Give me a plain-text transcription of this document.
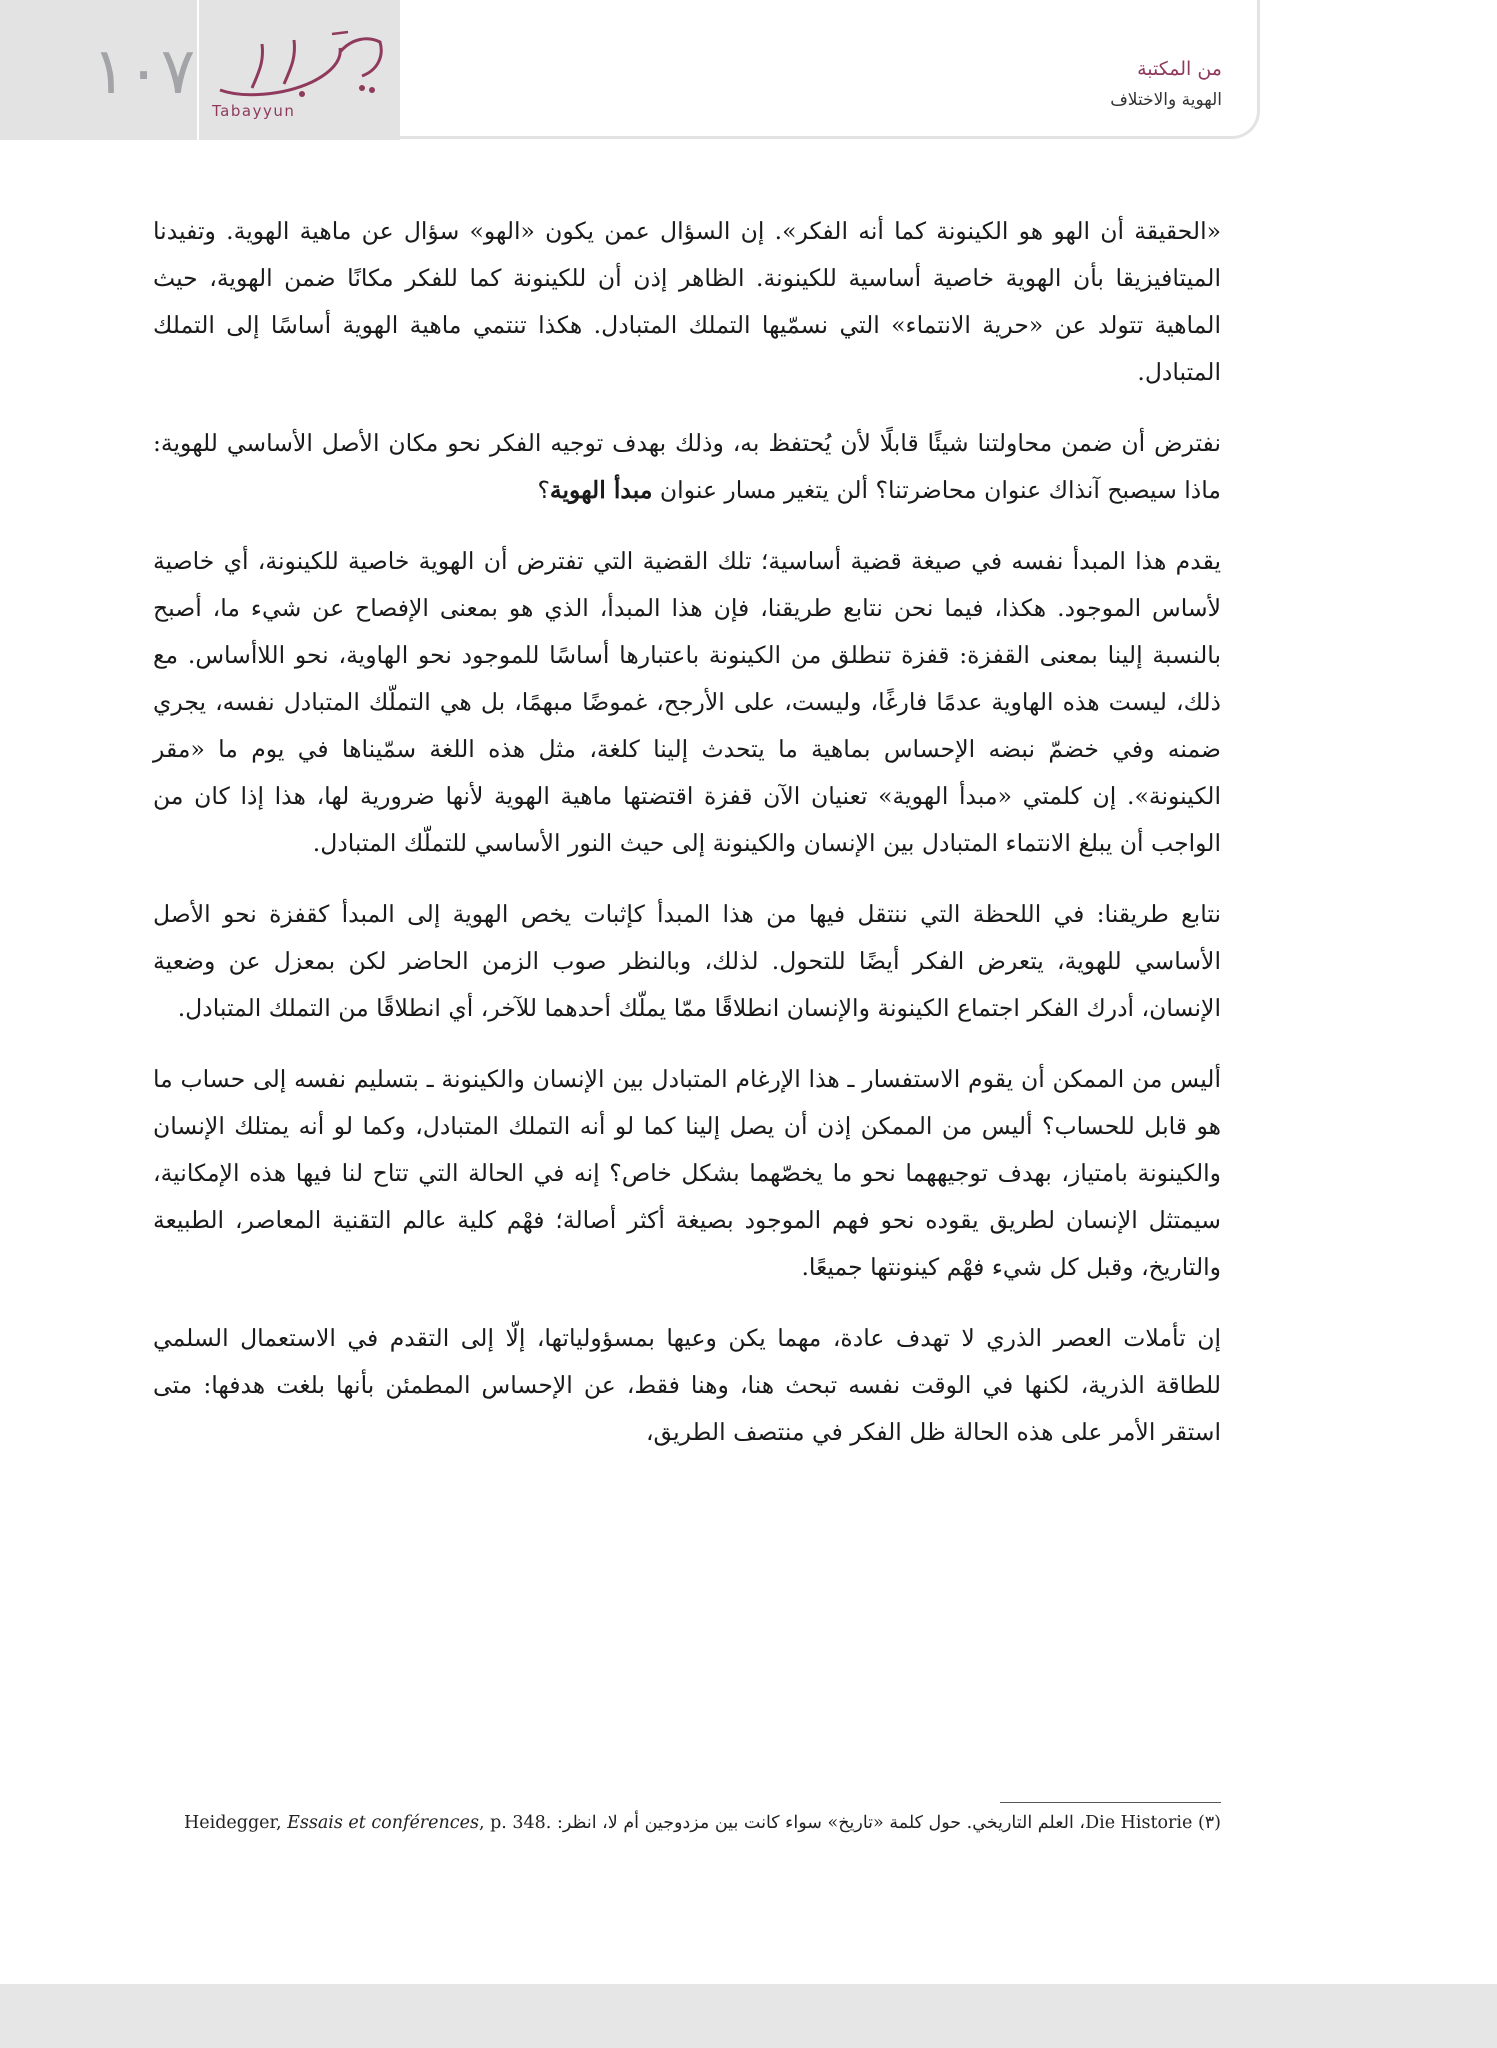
١٠٧
Tabayyun
من المكتبة
الهوية والاختلاف

«الحقيقة أن الهو هو الكينونة كما أنه الفكر». إن السؤال عمن يكون «الهو» سؤال عن ماهية الهوية. وتفيدنا الميتافيزيقا بأن الهوية خاصية أساسية للكينونة. الظاهر إذن أن للكينونة كما للفكر مكانًا ضمن الهوية، حيث الماهية تتولد عن «حرية الانتماء» التي نسمّيها التملك المتبادل. هكذا تنتمي ماهية الهوية أساسًا إلى التملك المتبادل.

نفترض أن ضمن محاولتنا شيئًا قابلًا لأن يُحتفظ به، وذلك بهدف توجيه الفكر نحو مكان الأصل الأساسي للهوية: ماذا سيصبح آنذاك عنوان محاضرتنا؟ ألن يتغير مسار عنوان مبدأ الهوية؟

يقدم هذا المبدأ نفسه في صيغة قضية أساسية؛ تلك القضية التي تفترض أن الهوية خاصية للكينونة، أي خاصية لأساس الموجود. هكذا، فيما نحن نتابع طريقنا، فإن هذا المبدأ، الذي هو بمعنى الإفصاح عن شيء ما، أصبح بالنسبة إلينا بمعنى القفزة: قفزة تنطلق من الكينونة باعتبارها أساسًا للموجود نحو الهاوية، نحو اللاأساس. مع ذلك، ليست هذه الهاوية عدمًا فارغًا، وليست، على الأرجح، غموضًا مبهمًا، بل هي التملّك المتبادل نفسه، يجري ضمنه وفي خضمّ نبضه الإحساس بماهية ما يتحدث إلينا كلغة، مثل هذه اللغة سمّيناها في يوم ما «مقر الكينونة». إن كلمتي «مبدأ الهوية» تعنيان الآن قفزة اقتضتها ماهية الهوية لأنها ضرورية لها، هذا إذا كان من الواجب أن يبلغ الانتماء المتبادل بين الإنسان والكينونة إلى حيث النور الأساسي للتملّك المتبادل.

نتابع طريقنا: في اللحظة التي ننتقل فيها من هذا المبدأ كإثبات يخص الهوية إلى المبدأ كقفزة نحو الأصل الأساسي للهوية، يتعرض الفكر أيضًا للتحول. لذلك، وبالنظر صوب الزمن الحاضر لكن بمعزل عن وضعية الإنسان، أدرك الفكر اجتماع الكينونة والإنسان انطلاقًا ممّا يملّك أحدهما للآخر، أي انطلاقًا من التملك المتبادل.

أليس من الممكن أن يقوم الاستفسار ـ هذا الإرغام المتبادل بين الإنسان والكينونة ـ بتسليم نفسه إلى حساب ما هو قابل للحساب؟ أليس من الممكن إذن أن يصل إلينا كما لو أنه التملك المتبادل، وكما لو أنه يمتلك الإنسان والكينونة بامتياز، بهدف توجيههما نحو ما يخصّهما بشكل خاص؟ إنه في الحالة التي تتاح لنا فيها هذه الإمكانية، سيمتثل الإنسان لطريق يقوده نحو فهم الموجود بصيغة أكثر أصالة؛ فهْم كلية عالم التقنية المعاصر، الطبيعة والتاريخ، وقبل كل شيء فهْم كينونتها جميعًا.

إن تأملات العصر الذري لا تهدف عادة، مهما يكن وعيها بمسؤولياتها، إلّا إلى التقدم في الاستعمال السلمي للطاقة الذرية، لكنها في الوقت نفسه تبحث هنا، وهنا فقط، عن الإحساس المطمئن بأنها بلغت هدفها: متى استقر الأمر على هذه الحالة ظل الفكر في منتصف الطريق،

(٣) Die Historie، العلم التاريخي. حول كلمة «تاريخ» سواء كانت بين مزدوجين أم لا، انظر: Heidegger, Essais et conférences, p. 348.
